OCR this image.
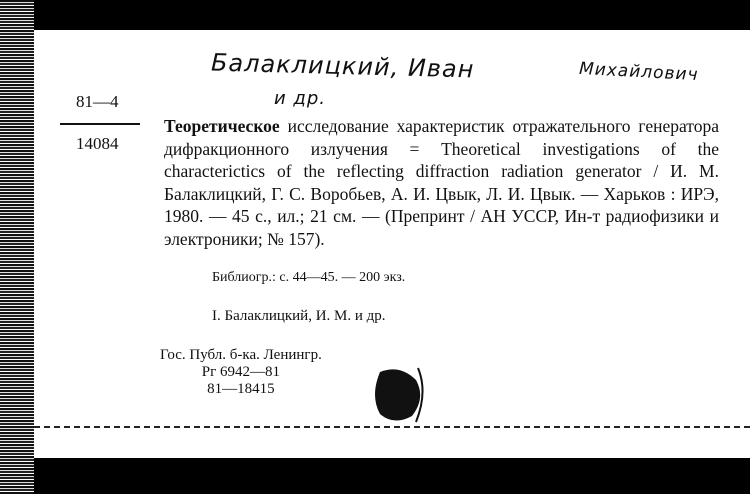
Балаклицкий, Иван
и др.
Михайлович
81—4
14084

Теоретическое исследование характеристик отражательного генератора дифракционного излучения = Theoretical investigations of the characterictics of the reflecting diffraction radiation generator / И. М. Балаклицкий, Г. С. Воробьев, А. И. Цвык, Л. И. Цвык. — Харьков : ИРЭ, 1980. — 45 с., ил.; 21 см. — (Препринт / АН УССР, Ин-т радиофизики и электроники; № 157).

Библиогр.: с. 44—45. — 200 экз.
I. Балаклицкий, И. М. и др.
Гос. Публ. б-ка. Ленингр.
Рг 6942—81
81—18415
